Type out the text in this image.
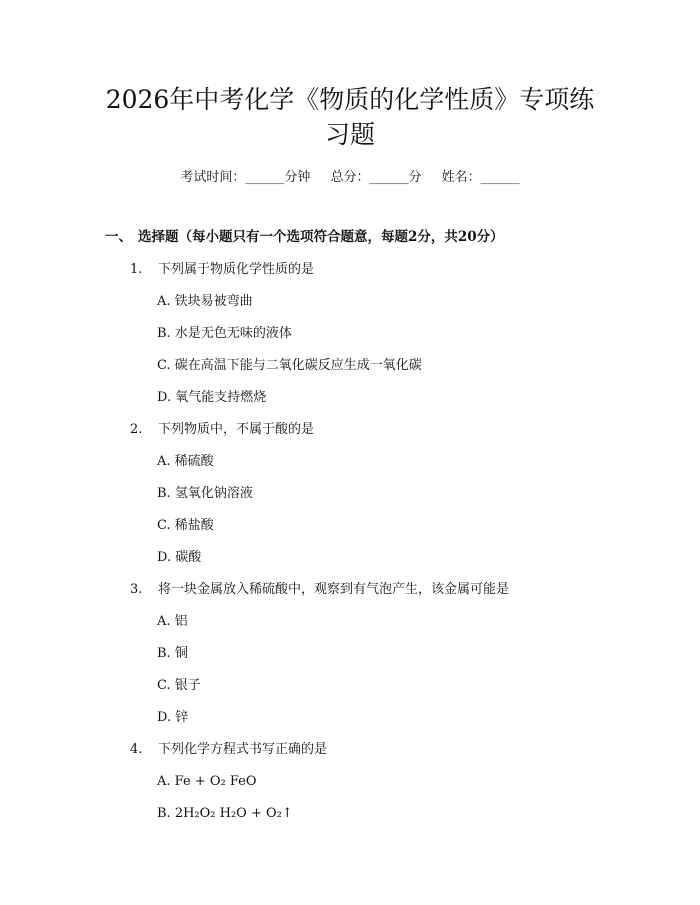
2026年中考化学《物质的化学性质》专项练
习题
考试时间：______分钟 总分：______分 姓名：______
一、 选择题（每小题只有一个选项符合题意，每题2分，共20分）
1. 下列属于物质化学性质的是
A. 铁块易被弯曲
B. 水是无色无味的液体
C. 碳在高温下能与二氧化碳反应生成一氧化碳
D. 氧气能支持燃烧
2. 下列物质中，不属于酸的是
A. 稀硫酸
B. 氢氧化钠溶液
C. 稀盐酸
D. 碳酸
3. 将一块金属放入稀硫酸中，观察到有气泡产生，该金属可能是
A. 铝
B. 铜
C. 银子
D. 锌
4. 下列化学方程式书写正确的是
A. Fe + O₂ FeO
B. 2H₂O₂ H₂O + O₂↑
